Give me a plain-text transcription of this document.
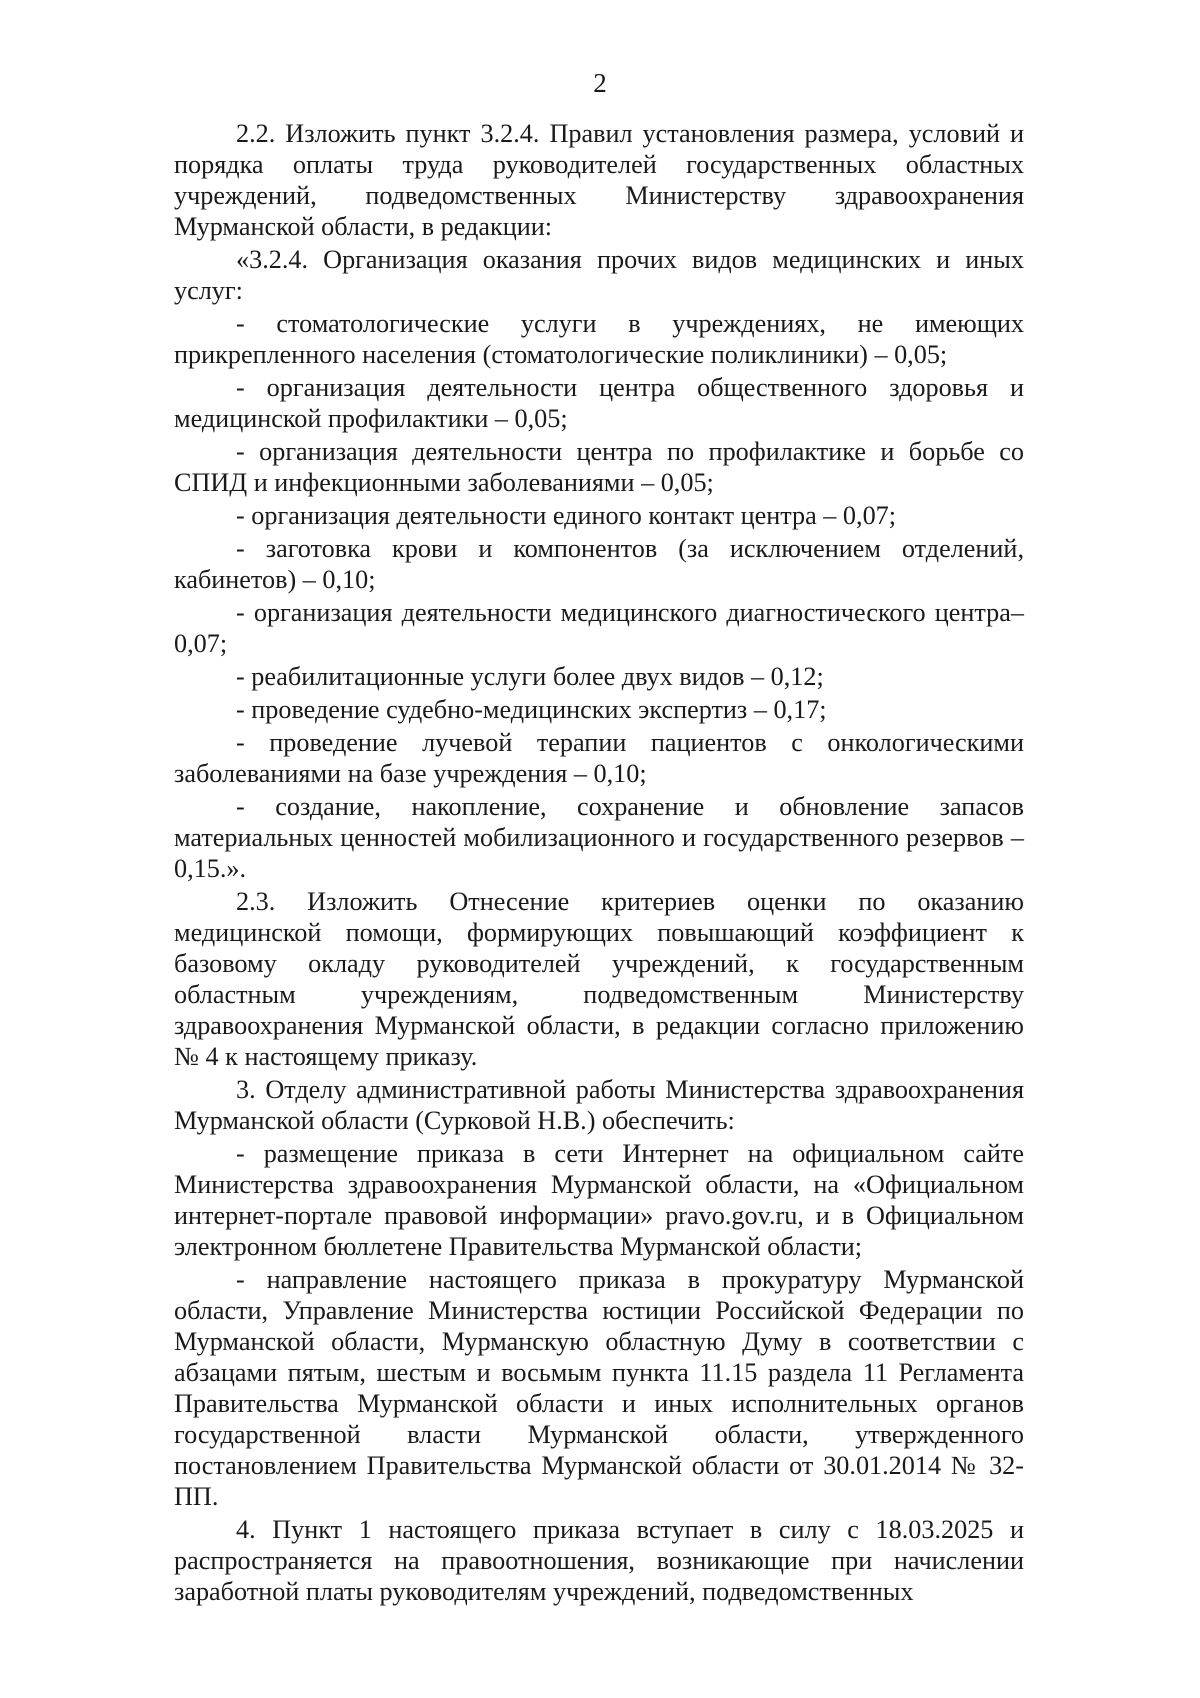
2

2.2. Изложить пункт 3.2.4. Правил установления размера, условий и порядка оплаты труда руководителей государственных областных учреждений, подведомственных Министерству здравоохранения Мурманской области, в редакции:

«3.2.4. Организация оказания прочих видов медицинских и иных услуг:

- стоматологические услуги в учреждениях, не имеющих прикрепленного населения (стоматологические поликлиники) – 0,05;

- организация деятельности центра общественного здоровья и медицинской профилактики – 0,05;

- организация деятельности центра по профилактике и борьбе со СПИД и инфекционными заболеваниями – 0,05;

- организация деятельности единого контакт центра – 0,07;

- заготовка крови и компонентов (за исключением отделений, кабинетов) – 0,10;

- организация деятельности медицинского диагностического центра– 0,07;

- реабилитационные услуги более двух видов – 0,12;

- проведение судебно-медицинских экспертиз – 0,17;

- проведение лучевой терапии пациентов с онкологическими заболеваниями на базе учреждения – 0,10;

- создание, накопление, сохранение и обновление запасов материальных ценностей мобилизационного и государственного резервов – 0,15.».

2.3. Изложить Отнесение критериев оценки по оказанию медицинской помощи, формирующих повышающий коэффициент к базовому окладу руководителей учреждений, к государственным областным учреждениям, подведомственным Министерству здравоохранения Мурманской области, в редакции согласно приложению № 4 к настоящему приказу.

3. Отделу административной работы Министерства здравоохранения Мурманской области (Сурковой Н.В.) обеспечить:

- размещение приказа в сети Интернет на официальном сайте Министерства здравоохранения Мурманской области, на «Официальном интернет-портале правовой информации» pravo.gov.ru, и в Официальном электронном бюллетене Правительства Мурманской области;

- направление настоящего приказа в прокуратуру Мурманской области, Управление Министерства юстиции Российской Федерации по Мурманской области, Мурманскую областную Думу в соответствии с абзацами пятым, шестым и восьмым пункта 11.15 раздела 11 Регламента Правительства Мурманской области и иных исполнительных органов государственной власти Мурманской области, утвержденного постановлением Правительства Мурманской области от 30.01.2014 № 32-ПП.

4. Пункт 1 настоящего приказа вступает в силу с 18.03.2025 и распространяется на правоотношения, возникающие при начислении заработной платы руководителям учреждений, подведомственных
